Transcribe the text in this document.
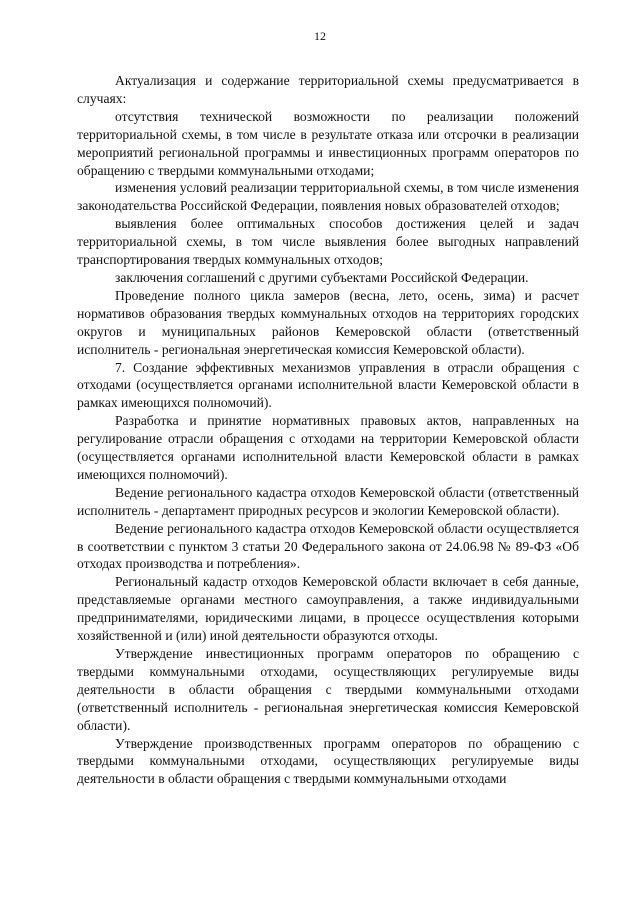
12

Актуализация и содержание территориальной схемы предусматривается в случаях:

отсутствия технической возможности по реализации положений территориальной схемы, в том числе в результате отказа или отсрочки в реализации мероприятий региональной программы и инвестиционных программ операторов по обращению с твердыми коммунальными отходами;

изменения условий реализации территориальной схемы, в том числе изменения законодательства Российской Федерации, появления новых образователей отходов;

выявления более оптимальных способов достижения целей и задач территориальной схемы, в том числе выявления более выгодных направлений транспортирования твердых коммунальных отходов;

заключения соглашений с другими субъектами Российской Федерации.

Проведение полного цикла замеров (весна, лето, осень, зима) и расчет нормативов образования твердых коммунальных отходов на территориях городских округов и муниципальных районов Кемеровской области (ответственный исполнитель - региональная энергетическая комиссия Кемеровской области).

7. Создание эффективных механизмов управления в отрасли обращения с отходами (осуществляется органами исполнительной власти Кемеровской области в рамках имеющихся полномочий).

Разработка и принятие нормативных правовых актов, направленных на регулирование отрасли обращения с отходами на территории Кемеровской области (осуществляется органами исполнительной власти Кемеровской области в рамках имеющихся полномочий).

Ведение регионального кадастра отходов Кемеровской области (ответственный исполнитель - департамент природных ресурсов и экологии Кемеровской области).

Ведение регионального кадастра отходов Кемеровской области осуществляется в соответствии с пунктом 3 статьи 20 Федерального закона от 24.06.98 № 89-ФЗ «Об отходах производства и потребления».

Региональный кадастр отходов Кемеровской области включает в себя данные, представляемые органами местного самоуправления, а также индивидуальными предпринимателями, юридическими лицами, в процессе осуществления которыми хозяйственной и (или) иной деятельности образуются отходы.

Утверждение инвестиционных программ операторов по обращению с твердыми коммунальными отходами, осуществляющих регулируемые виды деятельности в области обращения с твердыми коммунальными отходами (ответственный исполнитель - региональная энергетическая комиссия Кемеровской области).

Утверждение производственных программ операторов по обращению с твердыми коммунальными отходами, осуществляющих регулируемые виды деятельности в области обращения с твердыми коммунальными отходами
